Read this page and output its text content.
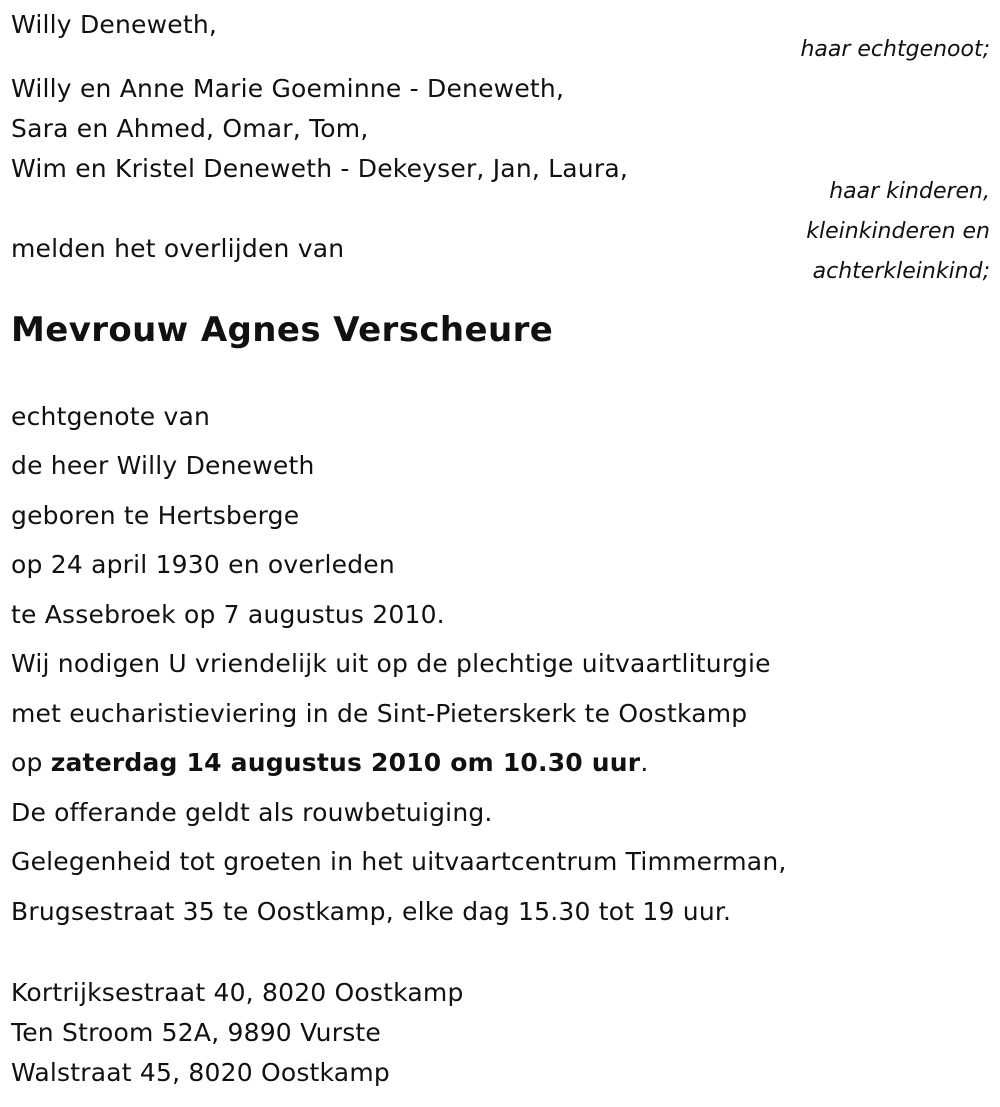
Willy Deneweth,
haar echtgenoot;
Willy en Anne Marie Goeminne - Deneweth,
Sara en Ahmed, Omar, Tom,
Wim en Kristel Deneweth - Dekeyser, Jan, Laura,
haar kinderen,
kleinkinderen en
achterkleinkind;
melden het overlijden van
Mevrouw Agnes Verscheure
echtgenote van
de heer Willy Deneweth
geboren te Hertsberge
op 24 april 1930 en overleden
te Assebroek op 7 augustus 2010.
Wij nodigen U vriendelijk uit op de plechtige uitvaartliturgie
met eucharistieviering in de Sint-Pieterskerk te Oostkamp
op zaterdag 14 augustus 2010 om 10.30 uur.
De offerande geldt als rouwbetuiging.
Gelegenheid tot groeten in het uitvaartcentrum Timmerman,
Brugsestraat 35 te Oostkamp, elke dag 15.30 tot 19 uur.
Kortrijksestraat 40, 8020 Oostkamp
Ten Stroom 52A, 9890 Vurste
Walstraat 45, 8020 Oostkamp
